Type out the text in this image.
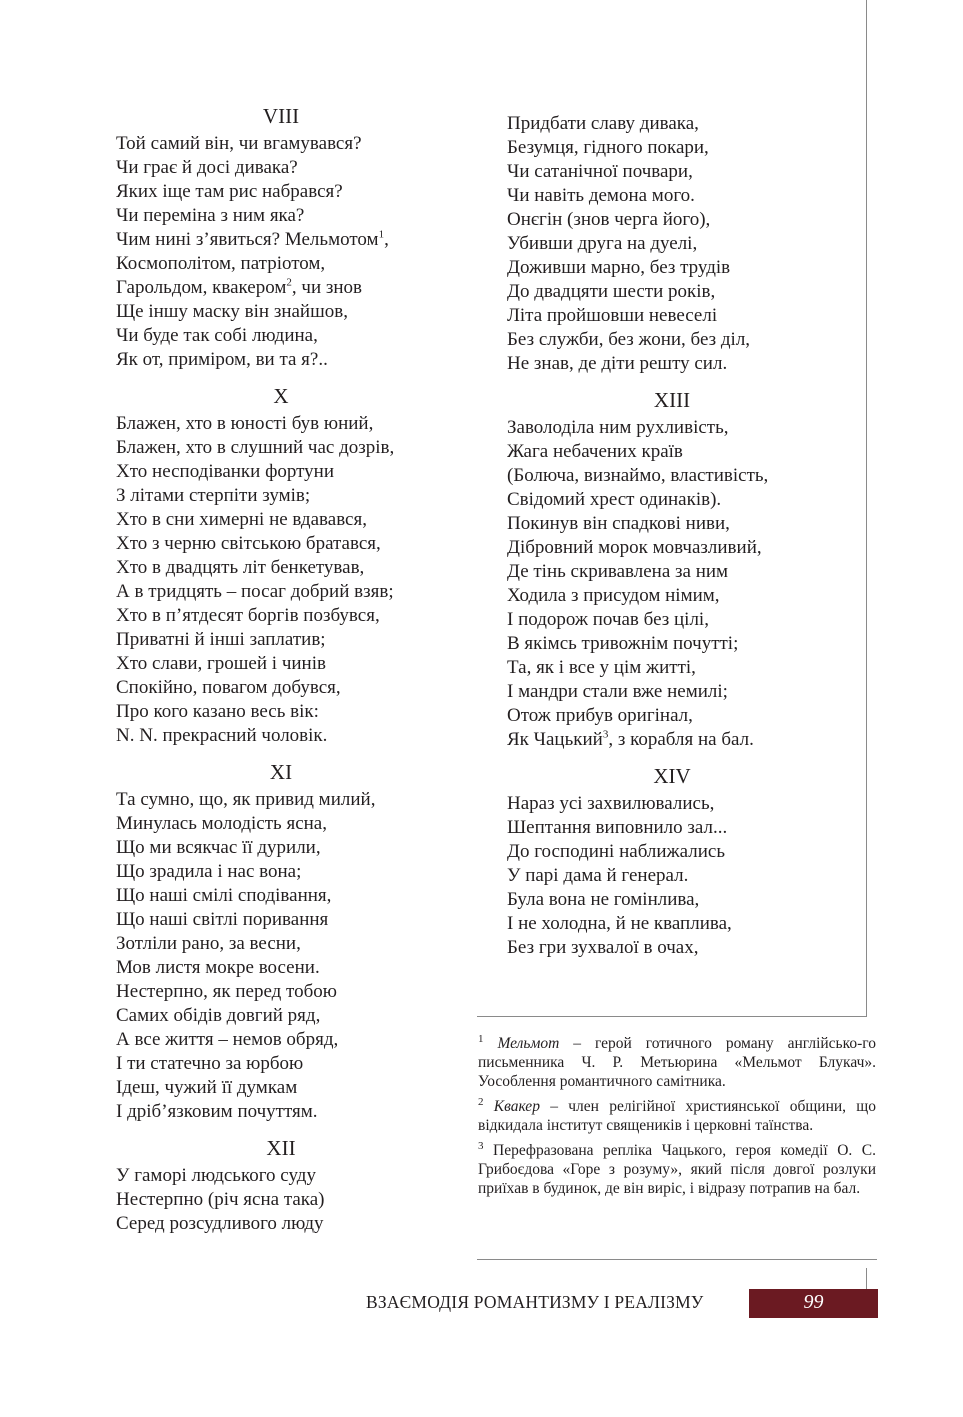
VIII
Той самий він, чи вгамувався?
Чи грає й досі дивака?
Яких іще там рис набрався?
Чи переміна з ним яка?
Чим нині з’явиться? Мельмотом$^1$,
Космополітом, патріотом,
Гарольдом, квакером$^2$, чи знов
Ще іншу маску він знайшов,
Чи буде так собі людина,
Як от, приміром, ви та я?..
X
Блажен, хто в юності був юний,
Блажен, хто в слушний час дозрів,
Хто несподіванки фортуни
З літами стерпіти зумів;
Хто в сни химерні не вдавався,
Хто з черню світською братався,
Хто в двадцять літ бенкетував,
А в тридцять – посаг добрий взяв;
Хто в п’ятдесят боргів позбувся,
Приватні й інші заплатив;
Хто слави, грошей і чинів
Спокійно, повагом добувся,
Про кого казано весь вік:
N. N. прекрасний чоловік.
XI
Та сумно, що, як привид милий,
Минулась молодість ясна,
Що ми всякчас її дурили,
Що зрадила і нас вона;
Що наші смілі сподівання,
Що наші світлі поривання
Зотліли рано, за весни,
Мов листя мокре восени.
Нестерпно, як перед тобою
Самих обідів довгий ряд,
А все життя – немов обряд,
І ти статечно за юрбою
Ідеш, чужий її думкам
І дріб’язковим почуттям.
XII
У гаморі людського суду
Нестерпно (річ ясна така)
Серед розсудливого люду
Придбати славу дивака,
Безумця, гідного покари,
Чи сатанічної почвари,
Чи навіть демона мого.
Онєгін (знов черга його),
Убивши друга на дуелі,
Доживши марно, без трудів
До двадцяти шести років,
Літа пройшовши невеселі
Без служби, без жони, без діл,
Не знав, де діти решту сил.
XIII
Заволоділа ним рухливість,
Жага небачених країв
(Болюча, визнаймо, властивість,
Свідомий хрест одинаків).
Покинув він спадкові ниви,
Дібровний морок мовчазливий,
Де тінь скривавлена за ним
Ходила з присудом німим,
І подорож почав без цілі,
В якімсь тривожнім почутті;
Та, як і все у цім житті,
І мандри стали вже немилі;
Отож прибув оригінал,
Як Чацький$^3$, з корабля на бал.
XIV
Нараз усі захвилювались,
Шептання виповнило зал...
До господині наближались
У парі дама й генерал.
Була вона не гомінлива,
І не холодна, й не кваплива,
Без гри зухвалої в очах,
$^1$ Мельмот – герой готичного роману англійсько-го письменника Ч. Р. Метьюрина «Мельмот Блукач». Уособлення романтичного самітника.
$^2$ Квакер – член релігійної християнської общини, що відкидала інститут священиків і церковні таїнства.
$^3$ Перефразована репліка Чацького, героя комедії О. С. Грибоєдова «Горе з розуму», який після довгої розлуки приїхав в будинок, де він виріс, і відразу потрапив на бал.
ВЗАЄМОДІЯ РОМАНТИЗМУ І РЕАЛІЗМУ	99
